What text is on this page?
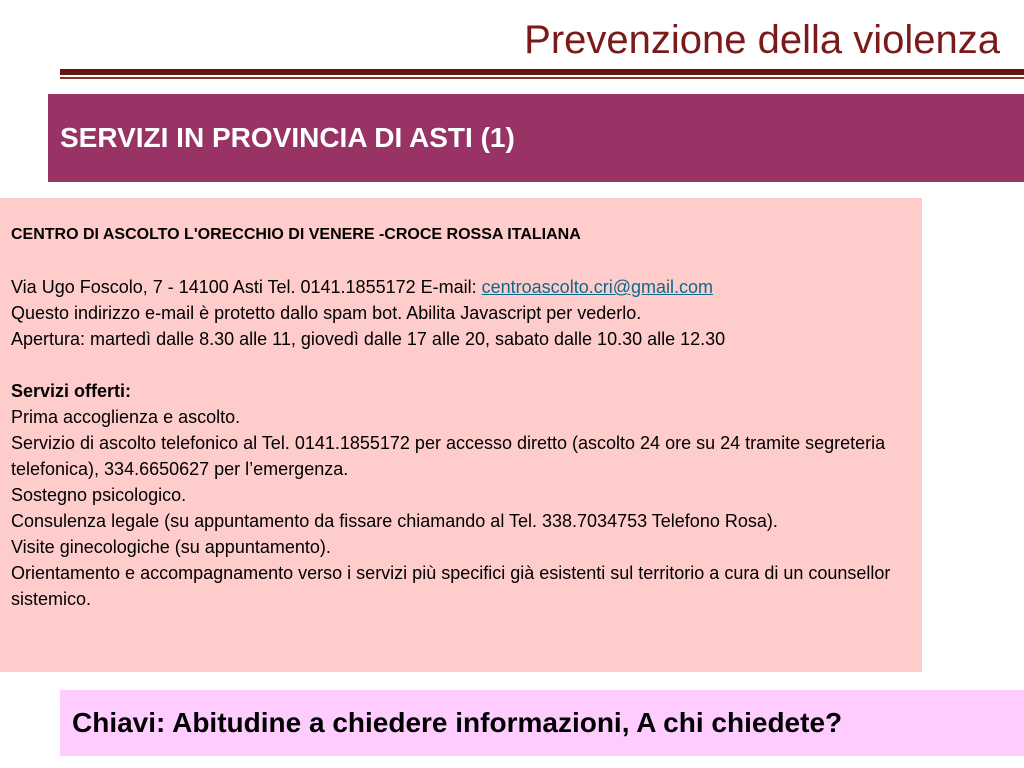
Prevenzione della violenza
SERVIZI IN PROVINCIA DI ASTI (1)

CENTRO DI ASCOLTO L'ORECCHIO DI VENERE -CROCE ROSSA ITALIANA

Via Ugo Foscolo, 7 - 14100 Asti Tel. 0141.1855172 E-mail: centroascolto.cri@gmail.com

Questo indirizzo e-mail è protetto dallo spam bot. Abilita Javascript per vederlo.

Apertura: martedì dalle 8.30 alle 11, giovedì dalle 17 alle 20, sabato dalle 10.30 alle 12.30

Servizi offerti:

Prima accoglienza e ascolto.

Servizio di ascolto telefonico al Tel. 0141.1855172 per accesso diretto (ascolto 24 ore su 24 tramite segreteria telefonica), 334.6650627 per l’emergenza.

Sostegno psicologico.

Consulenza legale (su appuntamento da fissare chiamando al Tel. 338.7034753 Telefono Rosa).

Visite ginecologiche (su appuntamento).

Orientamento e accompagnamento verso i servizi più specifici già esistenti sul territorio a cura di un counsellor sistemico.

Chiavi: Abitudine a chiedere informazioni, A chi chiedete?
